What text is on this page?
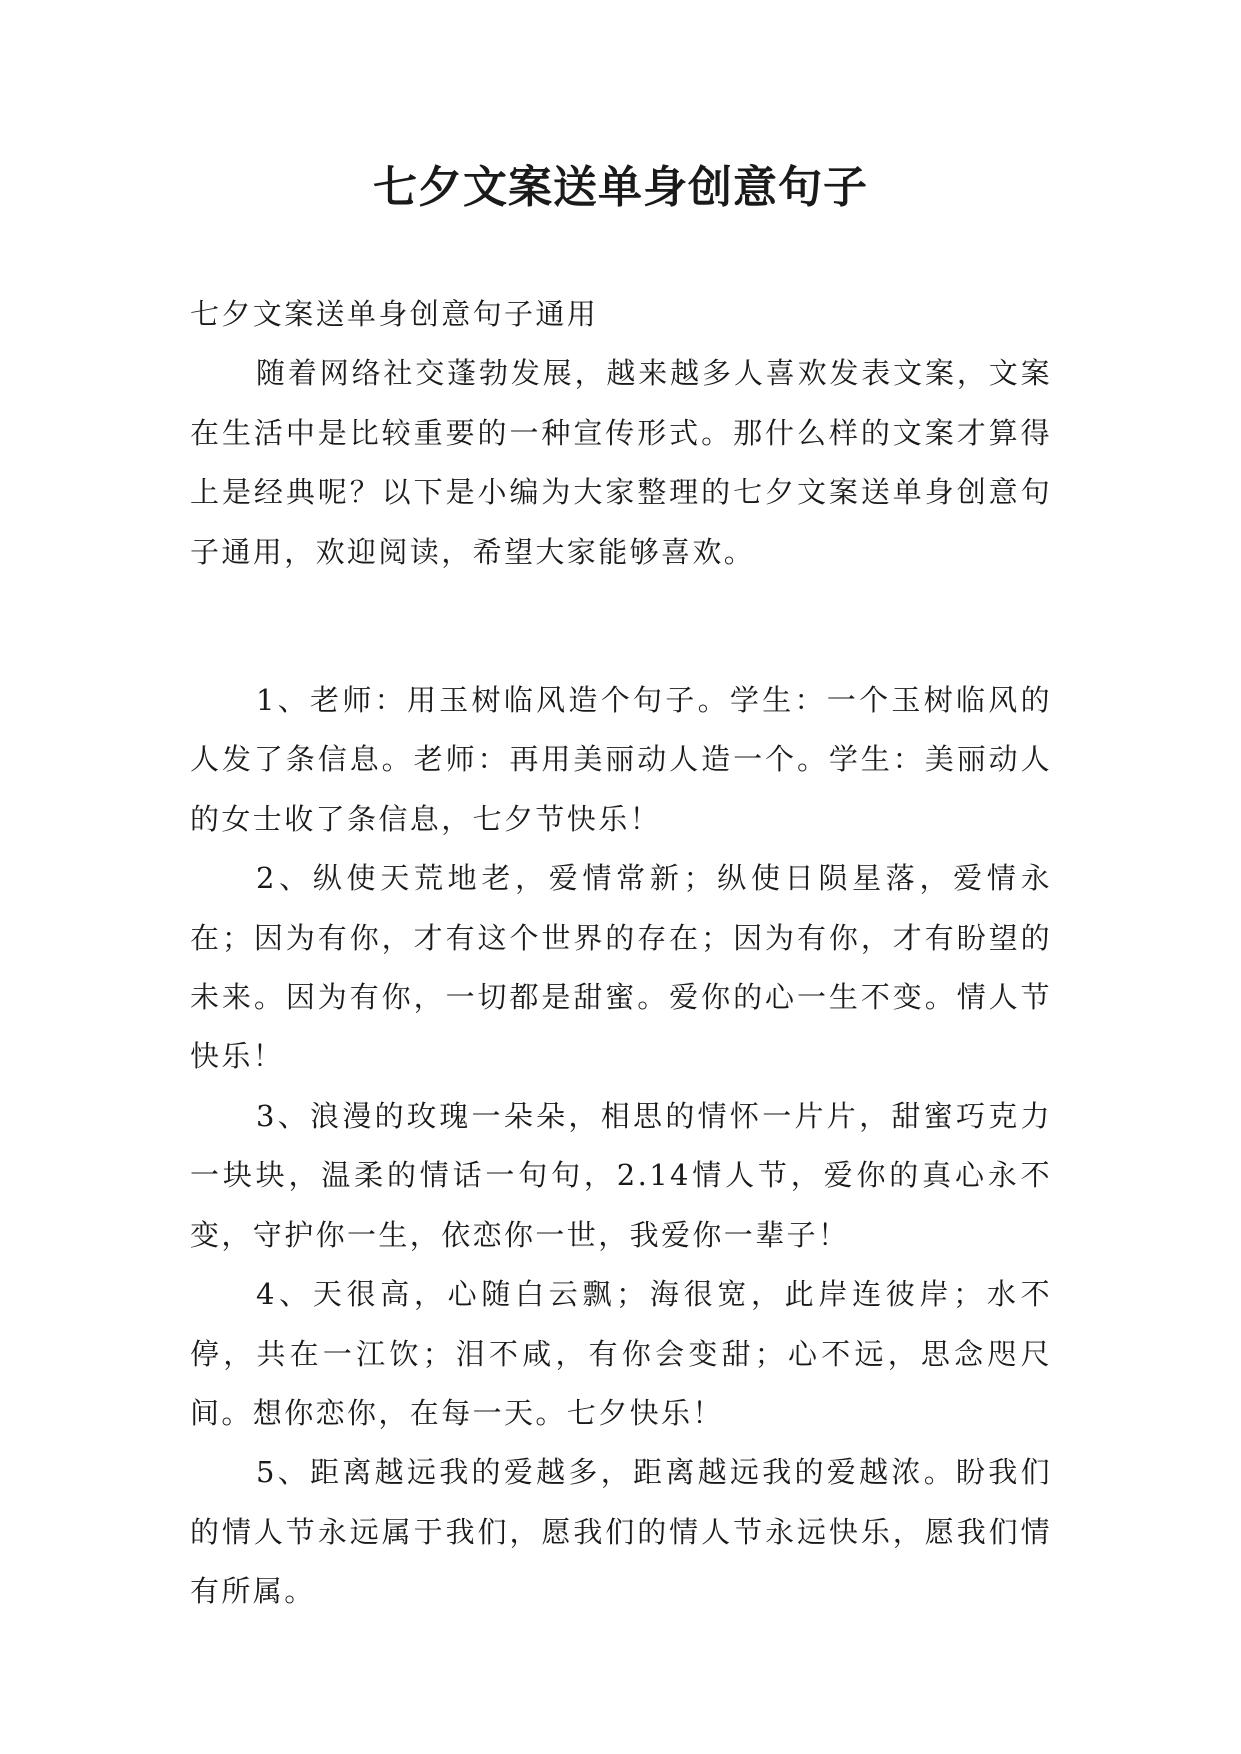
七夕文案送单身创意句子

七夕文案送单身创意句子通用

随着网络社交蓬勃发展，越来越多人喜欢发表文案，文案在生活中是比较重要的一种宣传形式。那什么样的文案才算得上是经典呢？以下是小编为大家整理的七夕文案送单身创意句子通用，欢迎阅读，希望大家能够喜欢。

1、老师：用玉树临风造个句子。学生：一个玉树临风的人发了条信息。老师：再用美丽动人造一个。学生：美丽动人的女士收了条信息，七夕节快乐！

2、纵使天荒地老，爱情常新；纵使日陨星落，爱情永在；因为有你，才有这个世界的存在；因为有你，才有盼望的未来。因为有你，一切都是甜蜜。爱你的心一生不变。情人节快乐！

3、浪漫的玫瑰一朵朵，相思的情怀一片片，甜蜜巧克力一块块，温柔的情话一句句，2.14情人节，爱你的真心永不变，守护你一生，依恋你一世，我爱你一辈子！

4、天很高，心随白云飘；海很宽，此岸连彼岸；水不停，共在一江饮；泪不咸，有你会变甜；心不远，思念咫尺间。想你恋你，在每一天。七夕快乐！

5、距离越远我的爱越多，距离越远我的爱越浓。盼我们的情人节永远属于我们，愿我们的情人节永远快乐，愿我们情有所属。
